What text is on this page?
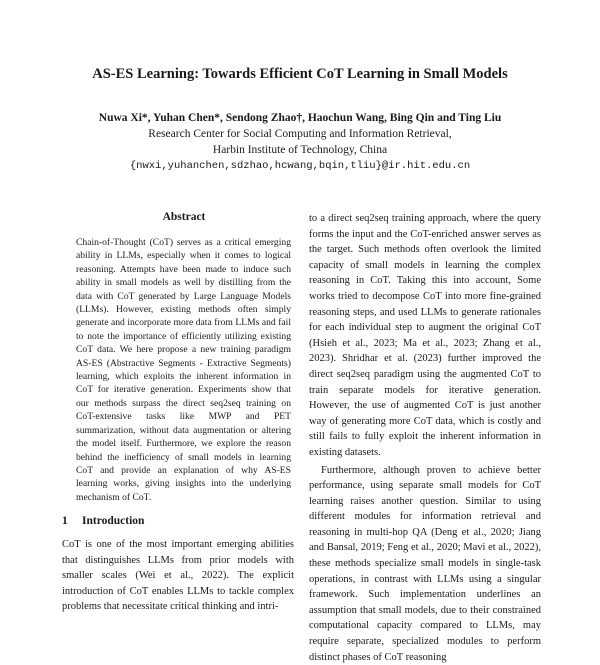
AS-ES Learning: Towards Efficient CoT Learning in Small Models
Nuwa Xi*, Yuhan Chen*, Sendong Zhao†, Haochun Wang, Bing Qin and Ting Liu
Research Center for Social Computing and Information Retrieval,
Harbin Institute of Technology, China
{nwxi,yuhanchen,sdzhao,hcwang,bqin,tliu}@ir.hit.edu.cn
Abstract

Chain-of-Thought (CoT) serves as a critical emerging ability in LLMs, especially when it comes to logical reasoning. Attempts have been made to induce such ability in small models as well by distilling from the data with CoT generated by Large Language Models (LLMs). However, existing methods often simply generate and incorporate more data from LLMs and fail to note the importance of efficiently utilizing existing CoT data. We here propose a new training paradigm AS-ES (Abstractive Segments - Extractive Segments) learning, which exploits the inherent information in CoT for iterative generation. Experiments show that our methods surpass the direct seq2seq training on CoT-extensive tasks like MWP and PET summarization, without data augmentation or altering the model itself. Furthermore, we explore the reason behind the inefficiency of small models in learning CoT and provide an explanation of why AS-ES learning works, giving insights into the underlying mechanism of CoT.

1 Introduction

CoT is one of the most important emerging abilities that distinguishes LLMs from prior models with smaller scales (Wei et al., 2022). The explicit introduction of CoT enables LLMs to tackle complex problems that necessitate critical thinking and intri-

to a direct seq2seq training approach, where the query forms the input and the CoT-enriched answer serves as the target. Such methods often overlook the limited capacity of small models in learning the complex reasoning in CoT. Taking this into account, Some works tried to decompose CoT into more fine-grained reasoning steps, and used LLMs to generate rationales for each individual step to augment the original CoT (Hsieh et al., 2023; Ma et al., 2023; Zhang et al., 2023). Shridhar et al. (2023) further improved the direct seq2seq paradigm using the augmented CoT to train separate models for iterative generation. However, the use of augmented CoT is just another way of generating more CoT data, which is costly and still fails to fully exploit the inherent information in existing datasets.

Furthermore, although proven to achieve better performance, using separate small models for CoT learning raises another question. Similar to using different modules for information retrieval and reasoning in multi-hop QA (Deng et al., 2020; Jiang and Bansal, 2019; Feng et al., 2020; Mavi et al., 2022), these methods specialize small models in single-task operations, in contrast with LLMs using a singular framework. Such implementation underlines an assumption that small models, due to their constrained computational capacity compared to LLMs, may require separate, specialized modules to perform distinct phases of CoT reasoning
